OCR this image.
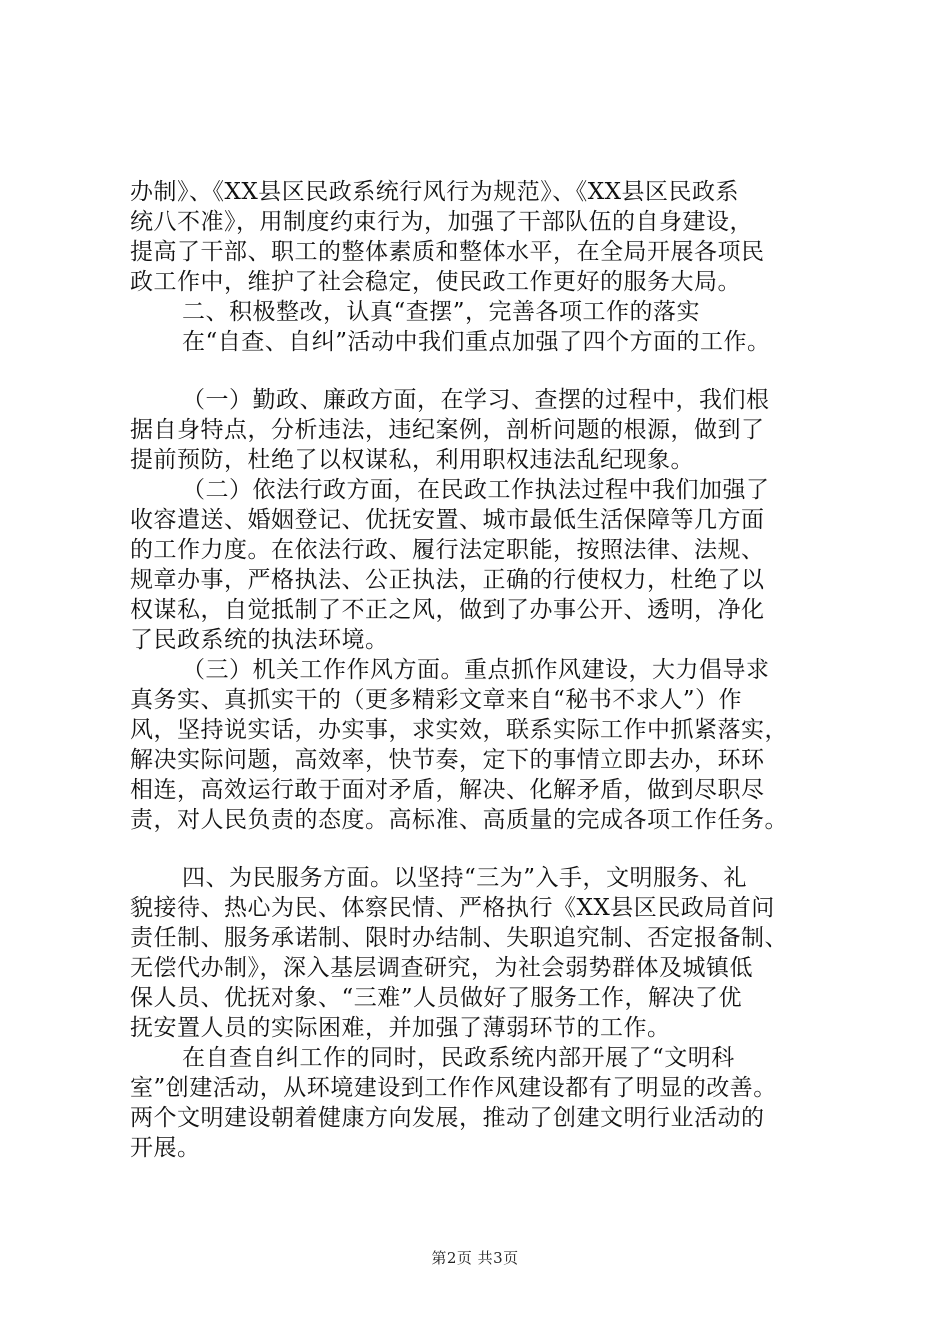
办制》、《XX县区民政系统行风行为规范》、《XX县区民政系
统八不准》，用制度约束行为，加强了干部队伍的自身建设，
提高了干部、职工的整体素质和整体水平，在全局开展各项民
政工作中，维护了社会稳定，使民政工作更好的服务大局。
二、积极整改，认真“查摆”，完善各项工作的落实
在“自查、自纠”活动中我们重点加强了四个方面的工作。
（一）勤政、廉政方面，在学习、查摆的过程中，我们根
据自身特点，分析违法，违纪案例，剖析问题的根源，做到了
提前预防，杜绝了以权谋私，利用职权违法乱纪现象。
（二）依法行政方面，在民政工作执法过程中我们加强了
收容遣送、婚姻登记、优抚安置、城市最低生活保障等几方面
的工作力度。在依法行政、履行法定职能，按照法律、法规、
规章办事，严格执法、公正执法，正确的行使权力，杜绝了以
权谋私，自觉抵制了不正之风，做到了办事公开、透明，净化
了民政系统的执法环境。
（三）机关工作作风方面。重点抓作风建设，大力倡导求
真务实、真抓实干的（更多精彩文章来自“秘书不求人”）作
风，坚持说实话，办实事，求实效，联系实际工作中抓紧落实，
解决实际问题，高效率，快节奏，定下的事情立即去办，环环
相连，高效运行敢于面对矛盾，解决、化解矛盾，做到尽职尽
责，对人民负责的态度。高标准、高质量的完成各项工作任务。
四、为民服务方面。以坚持“三为”入手，文明服务、礼
貌接待、热心为民、体察民情、严格执行《XX县区民政局首问
责任制、服务承诺制、限时办结制、失职追究制、否定报备制、
无偿代办制》，深入基层调查研究，为社会弱势群体及城镇低
保人员、优抚对象、“三难”人员做好了服务工作，解决了优
抚安置人员的实际困难，并加强了薄弱环节的工作。
在自查自纠工作的同时，民政系统内部开展了“文明科
室”创建活动，从环境建设到工作作风建设都有了明显的改善。
两个文明建设朝着健康方向发展，推动了创建文明行业活动的
开展。
第2页 共3页
